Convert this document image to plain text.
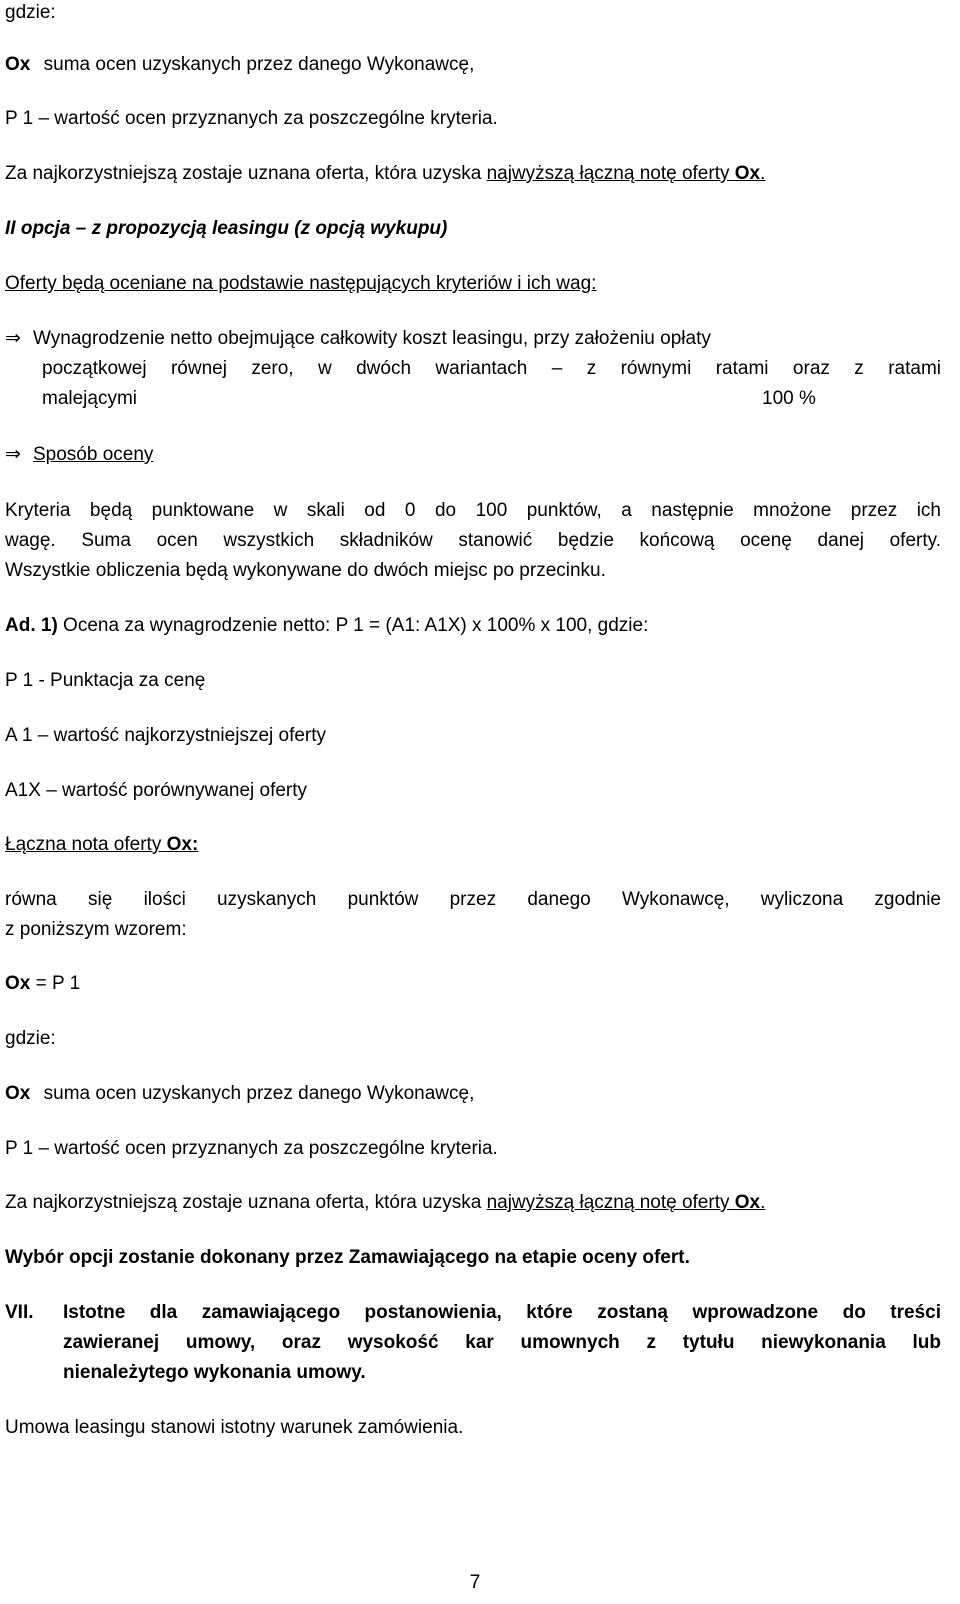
gdzie:
Ox suma ocen uzyskanych przez danego Wykonawcę,
P 1 – wartość ocen przyznanych za poszczególne kryteria.
Za najkorzystniejszą zostaje uznana oferta, która uzyska najwyższą łączną notę oferty Ox.
II opcja – z propozycją leasingu (z opcją wykupu)
Oferty będą oceniane na podstawie następujących kryteriów i ich wag:
⇒ Wynagrodzenie netto obejmujące całkowity koszt leasingu, przy założeniu opłaty
początkowej równej zero, w dwóch wariantach – z równymi ratami oraz z ratami
malejącymi	100 %
⇒ Sposób oceny
Kryteria będą punktowane w skali od 0 do 100 punktów, a następnie mnożone przez ich
wagę. Suma ocen wszystkich składników stanowić będzie końcową ocenę danej oferty.
Wszystkie obliczenia będą wykonywane do dwóch miejsc po przecinku.
Ad. 1) Ocena za wynagrodzenie netto: P 1 = (A1: A1X) x 100% x 100, gdzie:
P 1 - Punktacja za cenę
A 1 – wartość najkorzystniejszej oferty
A1X – wartość porównywanej oferty
Łączna nota oferty Ox:
równa się ilości uzyskanych punktów przez danego Wykonawcę, wyliczona zgodnie
z poniższym wzorem:
Ox = P 1
gdzie:
Ox suma ocen uzyskanych przez danego Wykonawcę,
P 1 – wartość ocen przyznanych za poszczególne kryteria.
Za najkorzystniejszą zostaje uznana oferta, która uzyska najwyższą łączną notę oferty Ox.
Wybór opcji zostanie dokonany przez Zamawiającego na etapie oceny ofert.
VII. Istotne dla zamawiającego postanowienia, które zostaną wprowadzone do treści
zawieranej umowy, oraz wysokość kar umownych z tytułu niewykonania lub
nienależytego wykonania umowy.
Umowa leasingu stanowi istotny warunek zamówienia.
7
